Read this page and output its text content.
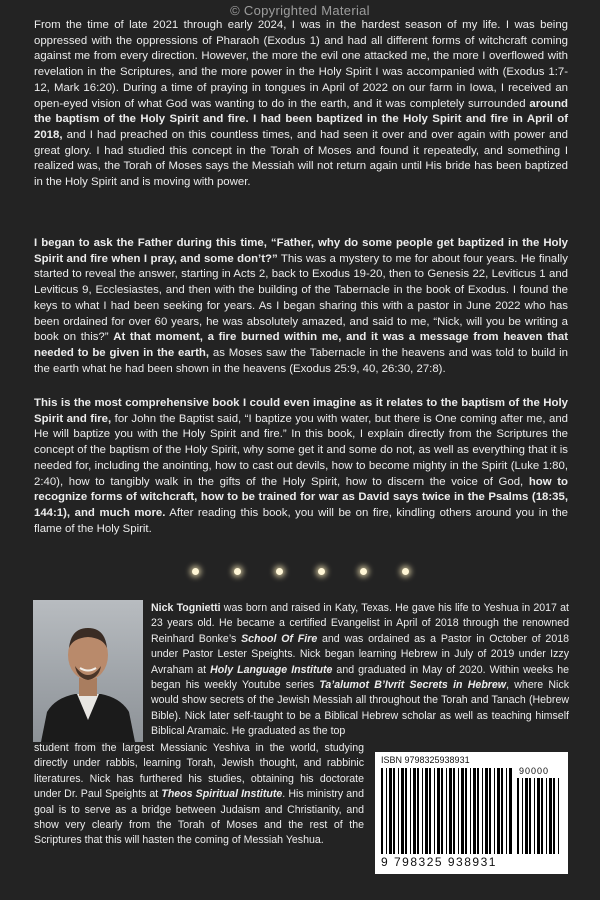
© Copyrighted Material

From the time of late 2021 through early 2024, I was in the hardest season of my life. I was being oppressed with the oppressions of Pharaoh (Exodus 1) and had all different forms of witchcraft coming against me from every direction. However, the more the evil one attacked me, the more I overflowed with revelation in the Scriptures, and the more power in the Holy Spirit I was accompanied with (Exodus 1:7-12, Mark 16:20). During a time of praying in tongues in April of 2022 on our farm in Iowa, I received an open-eyed vision of what God was wanting to do in the earth, and it was completely surrounded around the baptism of the Holy Spirit and fire. I had been baptized in the Holy Spirit and fire in April of 2018, and I had preached on this countless times, and had seen it over and over again with power and great glory. I had studied this concept in the Torah of Moses and found it repeatedly, and something I realized was, the Torah of Moses says the Messiah will not return again until His bride has been baptized in the Holy Spirit and is moving with power.

I began to ask the Father during this time, “Father, why do some people get baptized in the Holy Spirit and fire when I pray, and some don’t?” This was a mystery to me for about four years. He finally started to reveal the answer, starting in Acts 2, back to Exodus 19-20, then to Genesis 22, Leviticus 1 and Leviticus 9, Ecclesiastes, and then with the building of the Tabernacle in the book of Exodus. I found the keys to what I had been seeking for years. As I began sharing this with a pastor in June 2022 who has been ordained for over 60 years, he was absolutely amazed, and said to me, “Nick, will you be writing a book on this?” At that moment, a fire burned within me, and it was a message from heaven that needed to be given in the earth, as Moses saw the Tabernacle in the heavens and was told to build in the earth what he had been shown in the heavens (Exodus 25:9, 40, 26:30, 27:8).

This is the most comprehensive book I could even imagine as it relates to the baptism of the Holy Spirit and fire, for John the Baptist said, “I baptize you with water, but there is One coming after me, and He will baptize you with the Holy Spirit and fire.” In this book, I explain directly from the Scriptures the concept of the baptism of the Holy Spirit, why some get it and some do not, as well as everything that it is needed for, including the anointing, how to cast out devils, how to become mighty in the Spirit (Luke 1:80, 2:40), how to tangibly walk in the gifts of the Holy Spirit, how to discern the voice of God, how to recognize forms of witchcraft, how to be trained for war as David says twice in the Psalms (18:35, 144:1), and much more. After reading this book, you will be on fire, kindling others around you in the flame of the Holy Spirit.

Nick Tognietti was born and raised in Katy, Texas. He gave his life to Yeshua in 2017 at 23 years old. He became a certified Evangelist in April of 2018 through the renowned Reinhard Bonke’s School Of Fire and was ordained as a Pastor in October of 2018 under Pastor Lester Speights. Nick began learning Hebrew in July of 2019 under Izzy Avraham at Holy Language Institute and graduated in May of 2020. Within weeks he began his weekly Youtube series Ta’alumot B’Ivrit Secrets in Hebrew, where Nick would show secrets of the Jewish Messiah all throughout the Torah and Tanach (Hebrew Bible). Nick later self-taught to be a Biblical Hebrew scholar as well as teaching himself Biblical Aramaic. He graduated as the top

student from the largest Messianic Yeshiva in the world, studying directly under rabbis, learning Torah, Jewish thought, and rabbinic literatures. Nick has furthered his studies, obtaining his doctorate under Dr. Paul Speights at Theos Spiritual Institute. His ministry and goal is to serve as a bridge between Judaism and Christianity, and show very clearly from the Torah of Moses and the rest of the Scriptures that this will hasten the coming of Messiah Yeshua.

ISBN 9798325938931
90000
9 798325 938931
